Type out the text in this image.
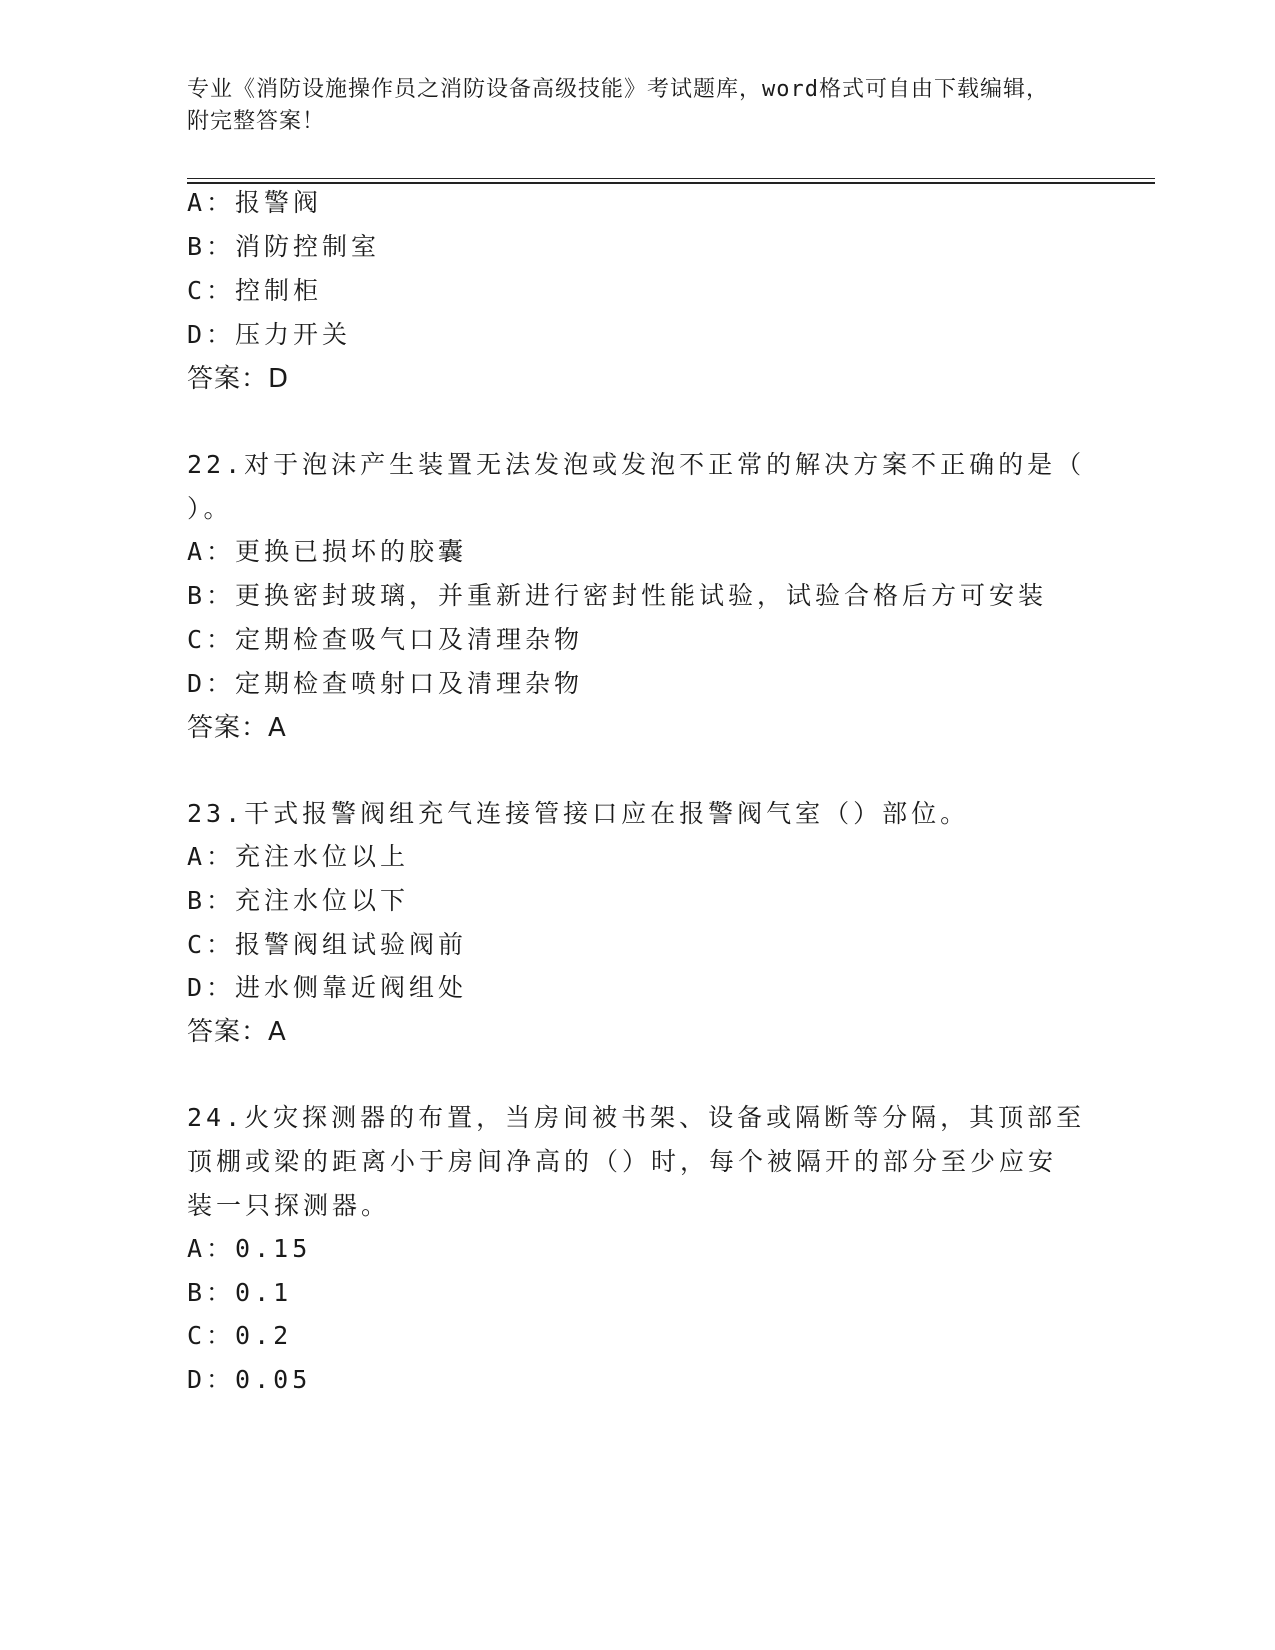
专业《消防设施操作员之消防设备高级技能》考试题库，word格式可自由下载编辑，附完整答案！
A：报警阀
B：消防控制室
C：控制柜
D：压力开关
答案：D
22.对于泡沫产生装置无法发泡或发泡不正常的解决方案不正确的是（
）。
A：更换已损坏的胶囊
B：更换密封玻璃，并重新进行密封性能试验，试验合格后方可安装
C：定期检查吸气口及清理杂物
D：定期检查喷射口及清理杂物
答案：A
23.干式报警阀组充气连接管接口应在报警阀气室（）部位。
A：充注水位以上
B：充注水位以下
C：报警阀组试验阀前
D：进水侧靠近阀组处
答案：A
24.火灾探测器的布置，当房间被书架、设备或隔断等分隔，其顶部至
顶棚或梁的距离小于房间净高的（）时，每个被隔开的部分至少应安
装一只探测器。
A：0.15
B：0.1
C：0.2
D：0.05
